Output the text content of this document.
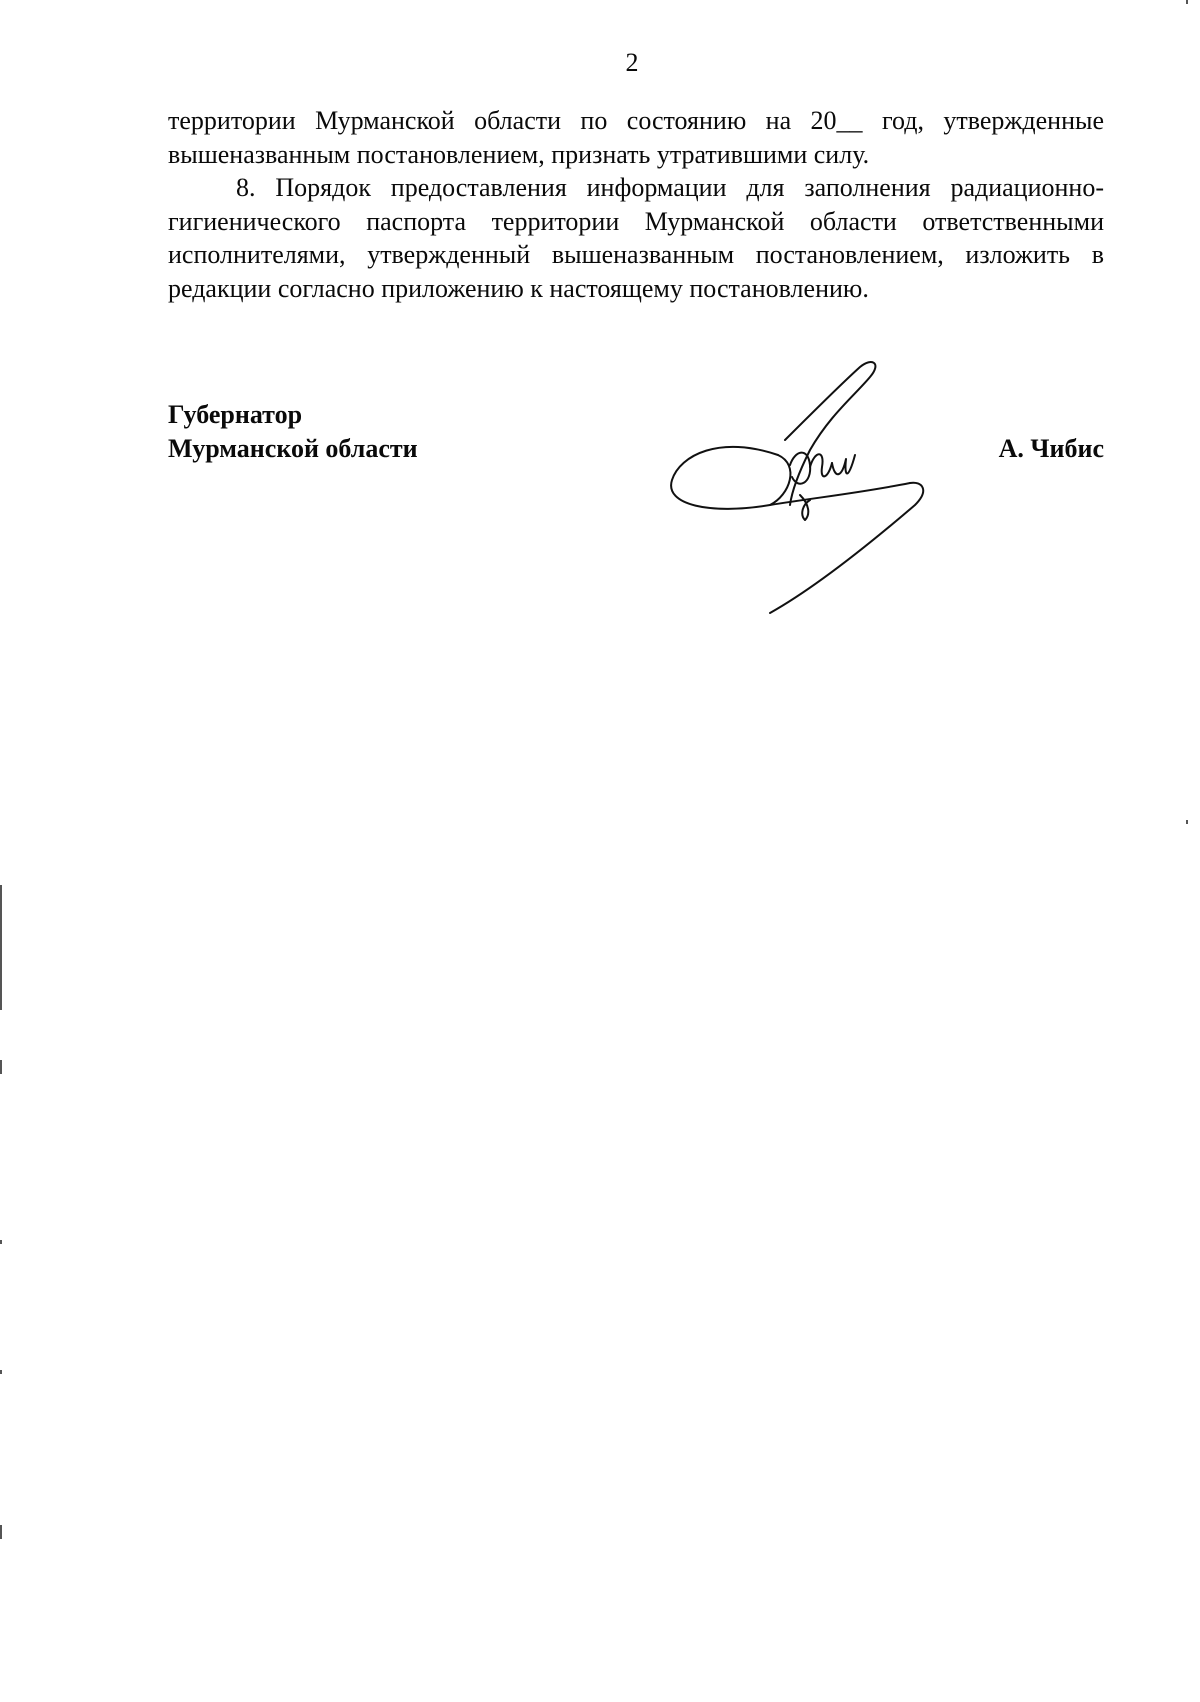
2

территории Мурманской области по состоянию на 20__ год, утвержденные вышеназванным постановлением, признать утратившими силу.

8. Порядок предоставления информации для заполнения радиационно-гигиенического паспорта территории Мурманской области ответственными исполнителями, утвержденный вышеназванным постановлением, изложить в редакции согласно приложению к настоящему постановлению.

Губернатор
Мурманской области	А. Чибис
